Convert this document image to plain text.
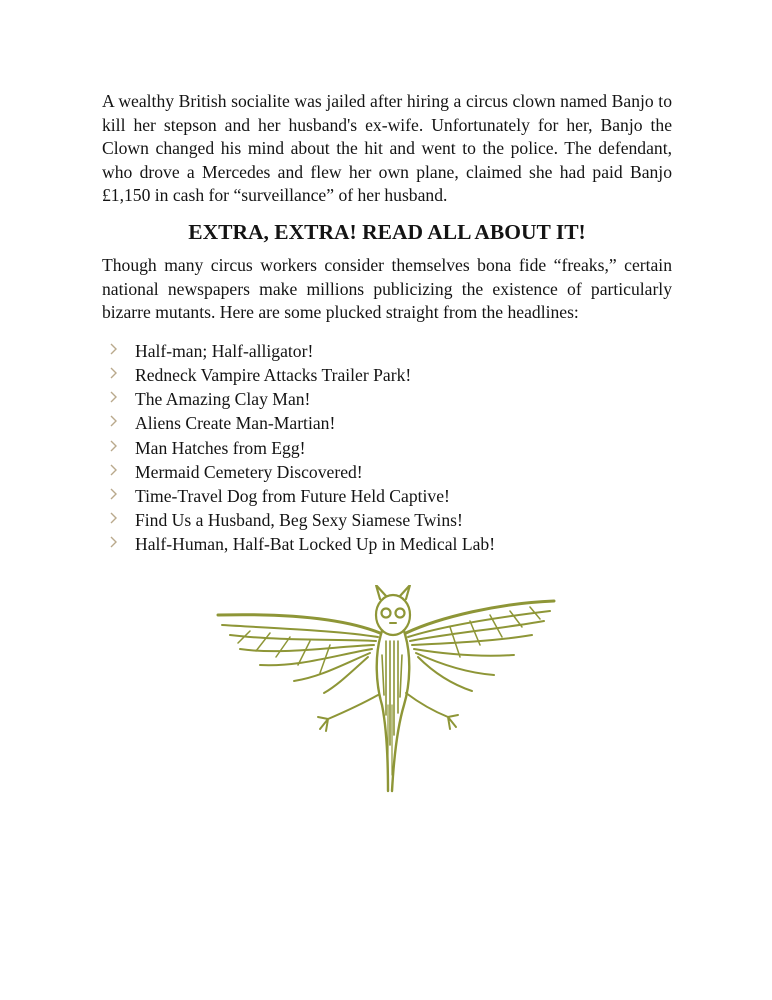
A wealthy British socialite was jailed after hiring a circus clown named Banjo to kill her stepson and her husband's ex-wife. Unfortunately for her, Banjo the Clown changed his mind about the hit and went to the police. The defendant, who drove a Mercedes and flew her own plane, claimed she had paid Banjo £1,150 in cash for “surveillance” of her husband.

EXTRA, EXTRA! READ ALL ABOUT IT!

Though many circus workers consider themselves bona fide “freaks,” certain national newspapers make millions publicizing the existence of particularly bizarre mutants. Here are some plucked straight from the headlines:

Half-man; Half-alligator!
Redneck Vampire Attacks Trailer Park!
The Amazing Clay Man!
Aliens Create Man-Martian!
Man Hatches from Egg!
Mermaid Cemetery Discovered!
Time-Travel Dog from Future Held Captive!
Find Us a Husband, Beg Sexy Siamese Twins!
Half-Human, Half-Bat Locked Up in Medical Lab!
